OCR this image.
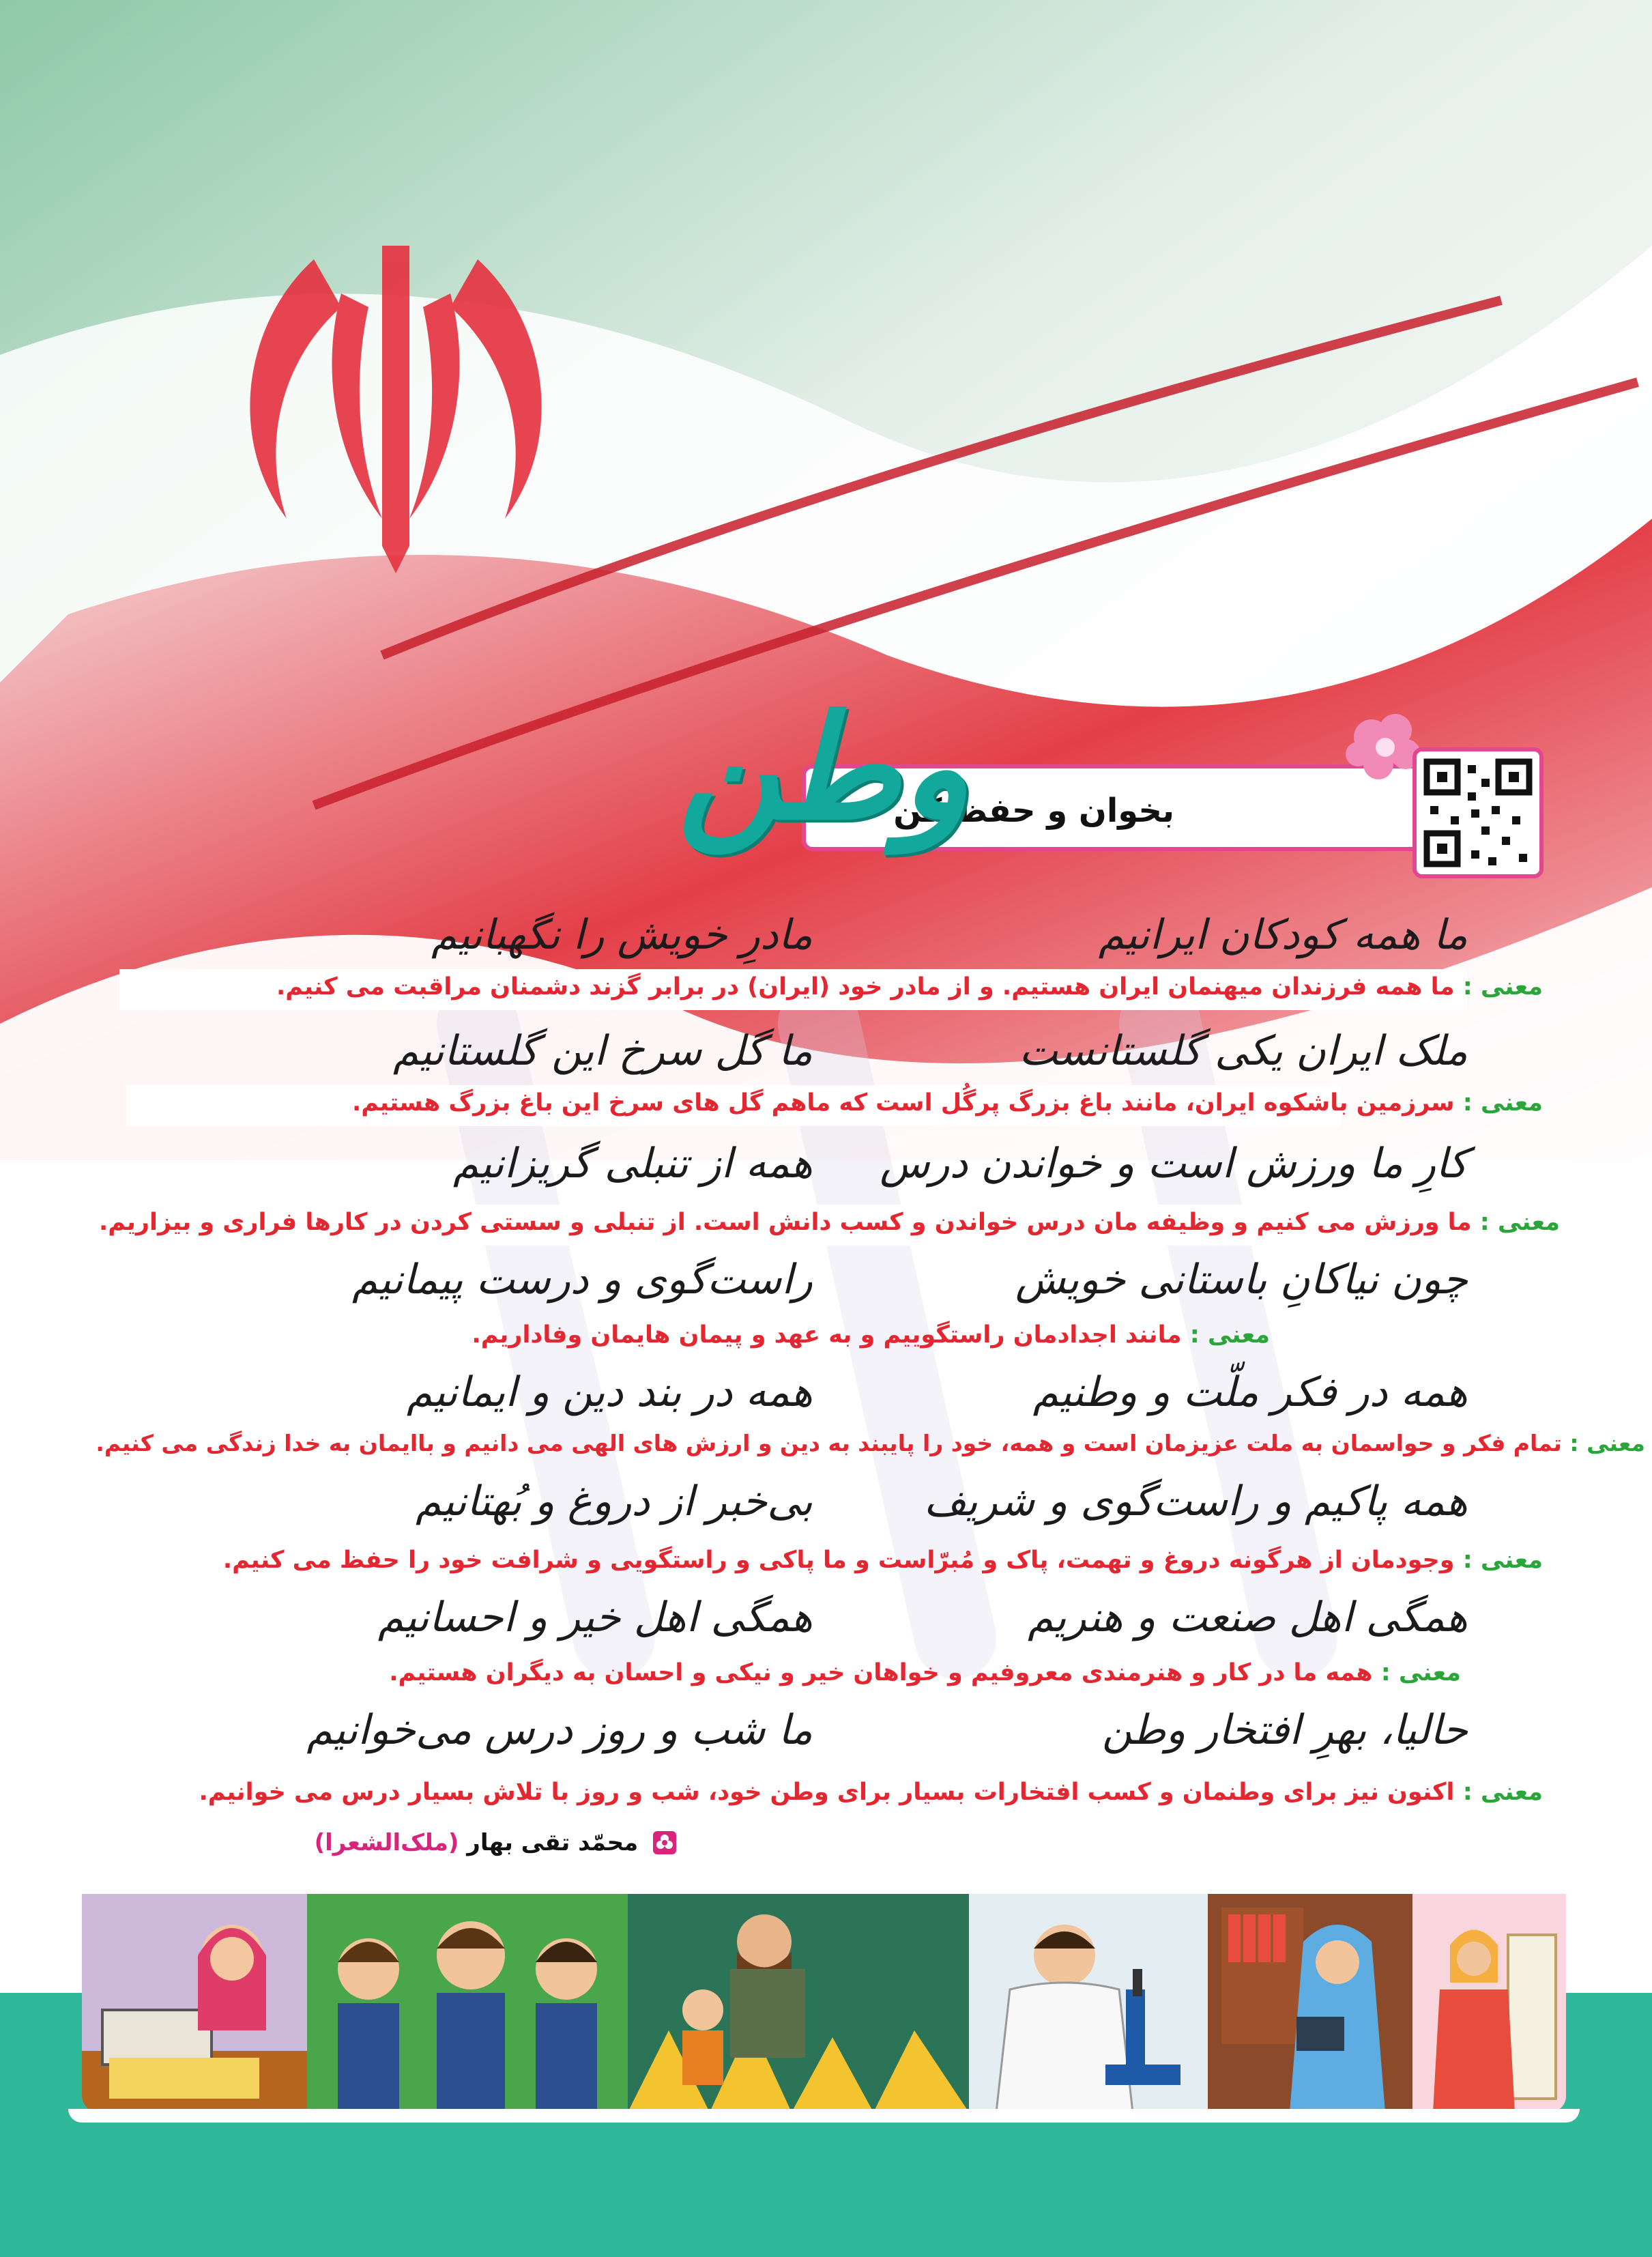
بخوان و حفظ کن
وطن
ما همه کودکان ایرانیم
مادرِ خویش را نگهبانیم
معنی : ما همه فرزندان میهنمان ایران هستیم. و از مادر خود (ایران) در برابر گزند دشمنان مراقبت می کنیم.
ملک ایران یکی گلستانست
ما گل سرخ این گلستانیم
معنی : سرزمین باشکوه ایران، مانند باغ بزرگ پرگُل است که ماهم گل های سرخ این باغ بزرگ هستیم.
کارِ ما ورزش است و خواندن درس
همه از تنبلی گریزانیم
معنی : ما ورزش می کنیم و وظیفه مان درس خواندن و کسب دانش است. از تنبلی و سستی کردن در کارها فراری و بیزاریم.
چون نیاکانِ باستانی خویش
راست‌گوی و درست پیمانیم
معنی : مانند اجدادمان راستگوییم و به عهد و پیمان هایمان وفاداریم.
همه در فکر ملّت و وطنیم
همه در بند دین و ایمانیم
معنی : تمام فکر و حواسمان به ملت عزیزمان است و همه، خود را پایبند به دین و ارزش های الهی می دانیم و باایمان به خدا زندگی می کنیم.
همه پاکیم و راست‌گوی و شریف
بی‌خبر از دروغ و بُهتانیم
معنی : وجودمان از هرگونه دروغ و تهمت، پاک و مُبرّاست و ما پاکی و راستگویی و شرافت خود را حفظ می کنیم.
همگی اهل صنعت و هنریم
همگی اهل خیر و احسانیم
معنی : همه ما در کار و هنرمندی معروفیم و خواهان خیر و نیکی و احسان به دیگران هستیم.
حالیا، بهرِ افتخار وطن
ما شب و روز درس می‌خوانیم
معنی : اکنون نیز برای وطنمان و کسب افتخارات بسیار برای وطن خود، شب و روز با تلاش بسیار درس می خوانیم.
محمّد تقی بهار (ملک‌الشعرا)
